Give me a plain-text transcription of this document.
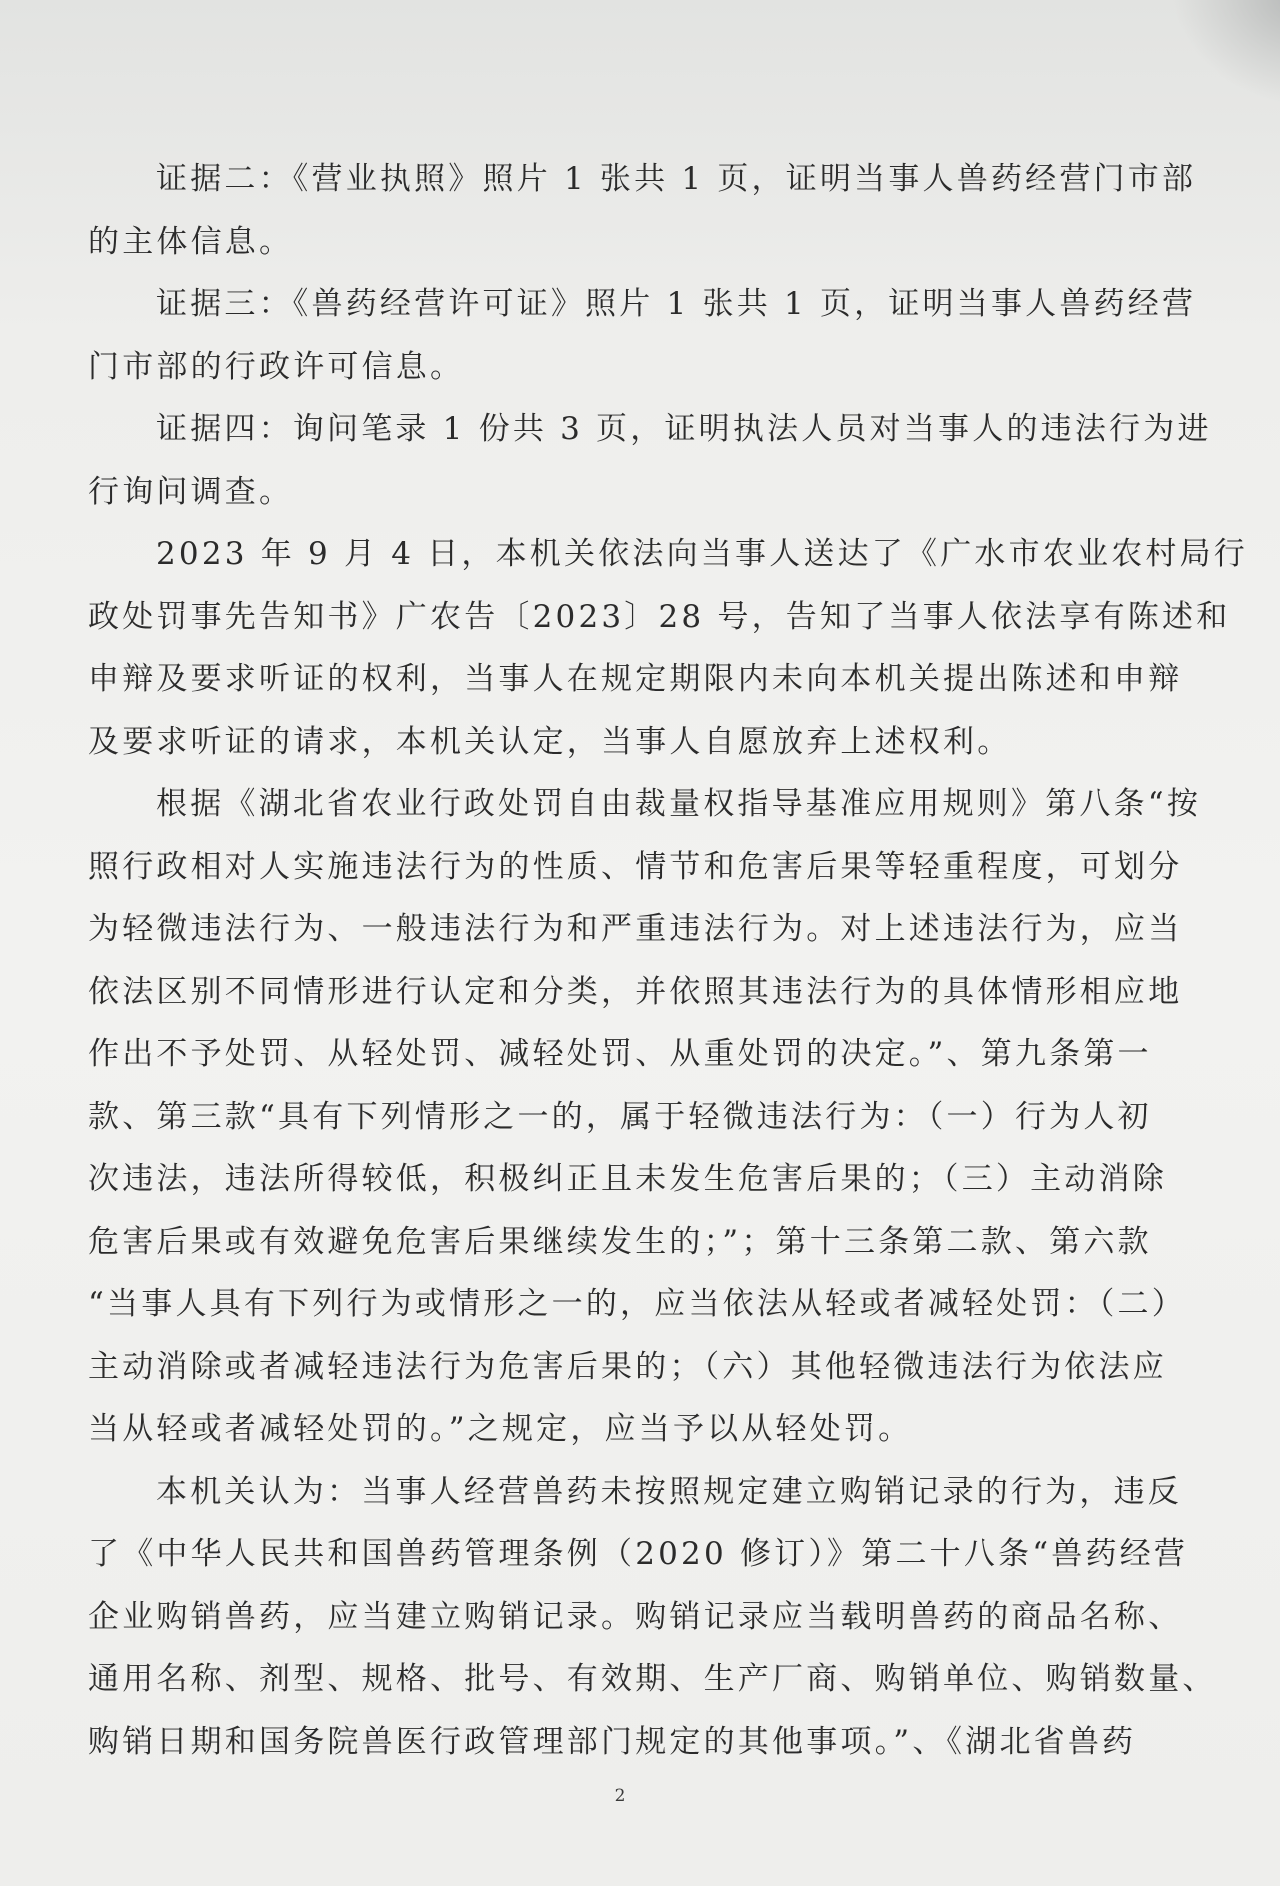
证据二：《营业执照》照片 1 张共 1 页，证明当事人兽药经营门市部
的主体信息。
证据三：《兽药经营许可证》照片 1 张共 1 页，证明当事人兽药经营
门市部的行政许可信息。
证据四：询问笔录 1 份共 3 页，证明执法人员对当事人的违法行为进
行询问调查。
2023 年 9 月 4 日，本机关依法向当事人送达了《广水市农业农村局行
政处罚事先告知书》广农告〔2023〕28 号，告知了当事人依法享有陈述和
申辩及要求听证的权利，当事人在规定期限内未向本机关提出陈述和申辩
及要求听证的请求，本机关认定，当事人自愿放弃上述权利。
根据《湖北省农业行政处罚自由裁量权指导基准应用规则》第八条“按
照行政相对人实施违法行为的性质、情节和危害后果等轻重程度，可划分
为轻微违法行为、一般违法行为和严重违法行为。对上述违法行为，应当
依法区别不同情形进行认定和分类，并依照其违法行为的具体情形相应地
作出不予处罚、从轻处罚、减轻处罚、从重处罚的决定。”、第九条第一
款、第三款“具有下列情形之一的，属于轻微违法行为：（一）行为人初
次违法，违法所得较低，积极纠正且未发生危害后果的；（三）主动消除
危害后果或有效避免危害后果继续发生的；”；第十三条第二款、第六款
“当事人具有下列行为或情形之一的，应当依法从轻或者减轻处罚：（二）
主动消除或者减轻违法行为危害后果的；（六）其他轻微违法行为依法应
当从轻或者减轻处罚的。”之规定，应当予以从轻处罚。
本机关认为：当事人经营兽药未按照规定建立购销记录的行为，违反
了《中华人民共和国兽药管理条例（2020 修订）》第二十八条“兽药经营
企业购销兽药，应当建立购销记录。购销记录应当载明兽药的商品名称、
通用名称、剂型、规格、批号、有效期、生产厂商、购销单位、购销数量、
购销日期和国务院兽医行政管理部门规定的其他事项。”、《湖北省兽药
2
